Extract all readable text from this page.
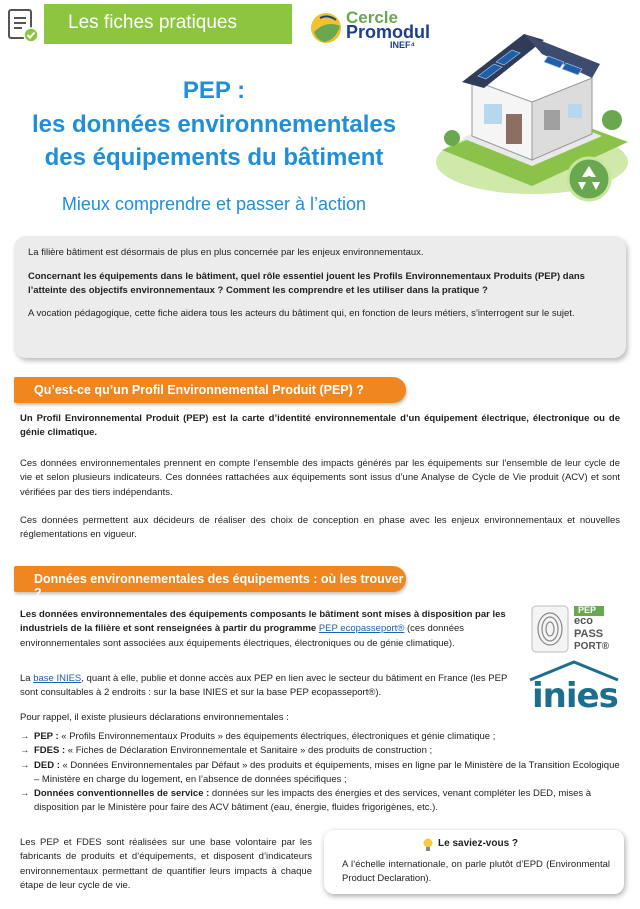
Les fiches pratiques	Cercle
Promodul
INEF⁴
PEP :
les données environnementales
des équipements du bâtiment
Mieux comprendre et passer à l’action

La filière bâtiment est désormais de plus en plus concernée par les enjeux environnementaux.

Concernant les équipements dans le bâtiment, quel rôle essentiel jouent les Profils Environnementaux Produits (PEP) dans l’atteinte des objectifs environnementaux ? Comment les comprendre et les utiliser dans la pratique ?

A vocation pédagogique, cette fiche aidera tous les acteurs du bâtiment qui, en fonction de leurs métiers, s’interrogent sur le sujet.

Qu’est-ce qu’un Profil Environnemental Produit (PEP) ?

Un Profil Environnemental Produit (PEP) est la carte d’identité environnementale d’un équipement électrique, électronique ou de génie climatique.

Ces données environnementales prennent en compte l’ensemble des impacts générés par les équipements sur l’ensemble de leur cycle de vie et selon plusieurs indicateurs. Ces données rattachées aux équipements sont issus d’une Analyse de Cycle de Vie produit (ACV) et sont vérifiées par des tiers indépendants.

Ces données permettent aux décideurs de réaliser des choix de conception en phase avec les enjeux environnementaux et nouvelles réglementations en vigueur.

Données environnementales des équipements : où les trouver ?

Les données environnementales des équipements composants le bâtiment sont mises à disposition par les industriels de la filière et sont renseignées à partir du programme PEP ecopasseport® (ces données environnementales sont associées aux équipements électriques, électroniques ou de génie climatique).

La base INIES, quant à elle, publie et donne accès aux PEP en lien avec le secteur du bâtiment en France (les PEP sont consultables à 2 endroits : sur la base INIES et sur la base PEP ecopasseport®).

Pour rappel, il existe plusieurs déclarations environnementales :

PEP
eco
PASS
PORT®
inies
→ PEP : « Profils Environnementaux Produits » des équipements électriques, électroniques et génie climatique ;
→ FDES : « Fiches de Déclaration Environnementale et Sanitaire » des produits de construction ;
→ DED : « Données Environnementales par Défaut » des produits et équipements, mises en ligne par le Ministère de la Transition Ecologique – Ministère en charge du logement, en l’absence de données spécifiques ;
→ Données conventionnelles de service : données sur les impacts des énergies et des services, venant compléter les DED, mises à disposition par le Ministère pour faire des ACV bâtiment (eau, énergie, fluides frigorigènes, etc.).

Les PEP et FDES sont réalisées sur une base volontaire par les fabricants de produits et d’équipements, et disposent d’indicateurs environnementaux permettant de quantifier leurs impacts à chaque étape de leur cycle de vie.

Le saviez-vous ?

A l’échelle internationale, on parle plutôt d’EPD (Environmental Product Declaration).
